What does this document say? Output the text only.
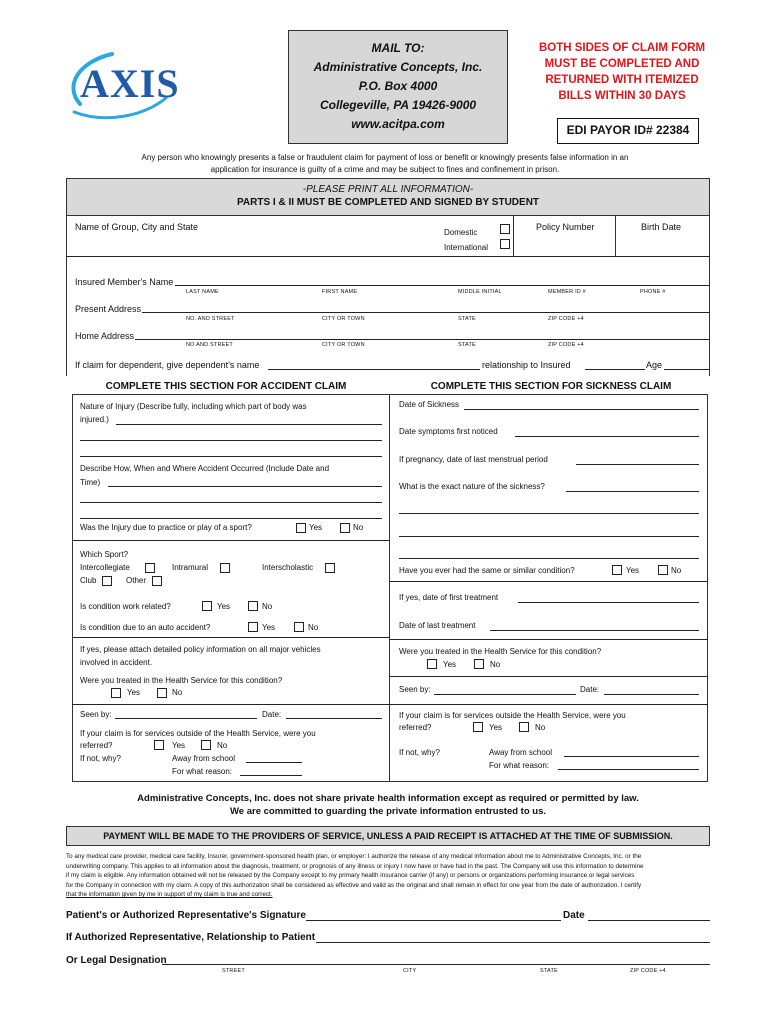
AXIS
MAIL TO:
Administrative Concepts, Inc.
P.O. Box 4000
Collegeville, PA 19426-9000
www.acitpa.com
BOTH SIDES OF CLAIM FORM
MUST BE COMPLETED AND
RETURNED WITH ITEMIZED
BILLS WITHIN 30 DAYS
EDI PAYOR ID# 22384
Any person who knowingly presents a false or fraudulent claim for payment of loss or benefit or knowingly presents false information in an
application for insurance is guilty of a crime and may be subject to fines and confinement in prison.
-PLEASE PRINT ALL INFORMATION-
PARTS I & II MUST BE COMPLETED AND SIGNED BY STUDENT
Name of Group, City and State
Domestic
International
Policy Number	Birth Date
Insured Member's Name
LAST NAME	FIRST NAME	MIDDLE INITIAL	MEMBER ID #	PHONE #
Present Address
NO. AND STREET	CITY OR TOWN	STATE	ZIP CODE +4
Home Address
NO AND STREET	CITY OR TOWN	STATE	ZIP CODE +4
If claim for dependent, give dependent's name	relationship to Insured	Age
COMPLETE THIS SECTION FOR ACCIDENT CLAIM	COMPLETE THIS SECTION FOR SICKNESS CLAIM
Nature of Injury (Describe fully, including which part of body was
injured.)
Describe How, When and Where Accident Occurred (Include Date and
Time)
Was the Injury due to practice or play of a sport?	Yes	No
Which Sport?
Intercollegiate	Intramural	Interscholastic
Club	Other
Is condition work related?	Yes	No
Is condition due to an auto accident?	Yes	No
If yes, please attach detailed policy information on all major vehicles
involved in accident.
Were you treated in the Health Service for this condition?
Yes	No
Seen by:	Date:
If your claim is for services outside of the Health Service, were you
referred?	Yes	No
If not, why?	Away from school
For what reason:
Date of Sickness
Date symptoms first noticed
If pregnancy, date of last menstrual period
What is the exact nature of the sickness?
Have you ever had the same or similar condition?	Yes	No
If yes, date of first treatment
Date of last treatment
Were you treated in the Health Service for this condition?
Yes	No
Seen by:	Date:
If your claim is for services outside the Health Service, were you
referred?	Yes	No
If not, why?	Away from school
For what reason:
Administrative Concepts, Inc. does not share private health information except as required or permitted by law.
We are committed to guarding the private information entrusted to us.
PAYMENT WILL BE MADE TO THE PROVIDERS OF SERVICE, UNLESS A PAID RECEIPT IS ATTACHED AT THE TIME OF SUBMISSION.
To any medical care provider, medical care facility, Insurer, government-sponsored health plan, or employer: I authorize the release of any medical information about me to Administrative Concepts, Inc. or the
underwriting company. This applies to all information about the diagnosis, treatment, or prognosis of any illness or injury I now have or have had in the past. The Company will use this information to determine
if my claim is eligible. Any information obtained will not be released by the Company except to my primary health insurance carrier (if any) or persons or organizations performing insurance or legal services
for the Company in connection with my claim. A copy of this authorization shall be considered as effective and valid as the original and shall remain in effect for one year from the date of authorization. I certify
that the information given by me in support of my claim is true and correct.
Patient's or Authorized Representative's Signature	Date
If Authorized Representative, Relationship to Patient
Or Legal Designation
STREET	CITY	STATE	ZIP CODE +4
